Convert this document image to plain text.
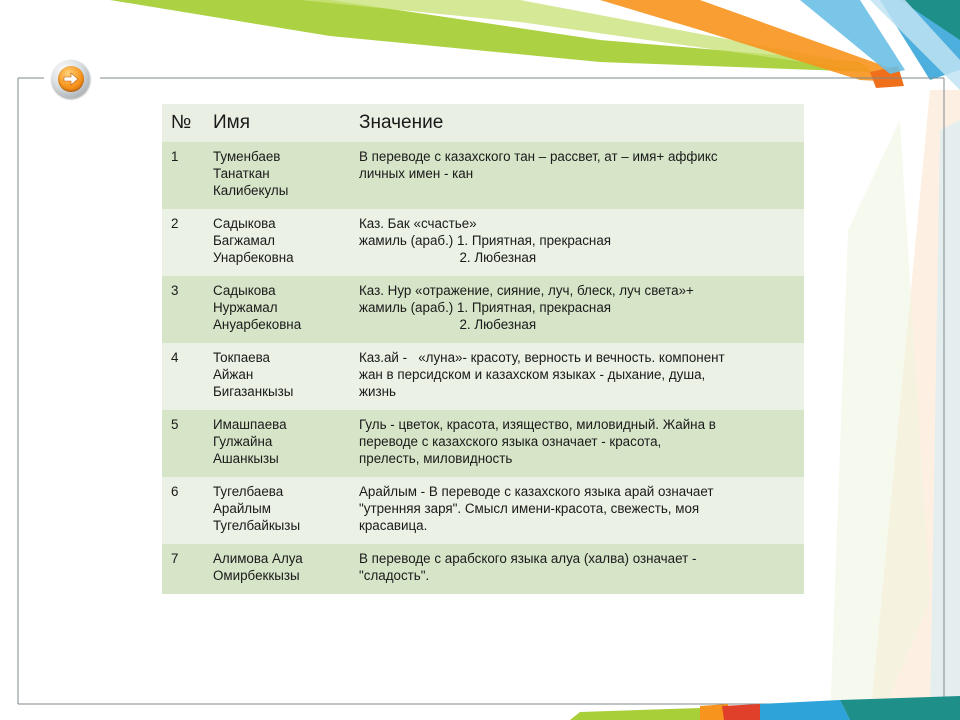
№	Имя	Значение
1	Туменбаев
Танаткан
Калибекулы	В переводе с казахского тан – рассвет, ат – имя+ аффикс
личных имен - кан

2	Садыкова
Багжамал
Унарбековна	Каз. Бак «счастье»
жамиль (араб.) 1. Приятная, прекрасная
2. Любезная

3	Садыкова
Нуржамал
Ануарбековна	Каз. Нур «отражение, сияние, луч, блеск, луч света»+
жамиль (араб.) 1. Приятная, прекрасная
2. Любезная

4	Токпаева
Айжан
Бигазанкызы	Каз.ай -   «луна»- красоту, верность и вечность. компонент
жан в персидском и казахском языках - дыхание, душа,
жизнь

5	Имашпаева
Гулжайна
Ашанкызы	Гуль - цветок, красота, изящество, миловидный. Жайна в
переводе с казахского языка означает - красота,
прелесть, миловидность

6	Тугелбаева
Арайлым
Тугелбайкызы	Арайлым - В переводе с казахского языка арай означает
"утренняя заря". Смысл имени-красота, свежесть, моя
красавица.

7	Алимова Алуа
Омирбеккызы	В переводе с арабского языка алуа (халва) означает -
"сладость".
